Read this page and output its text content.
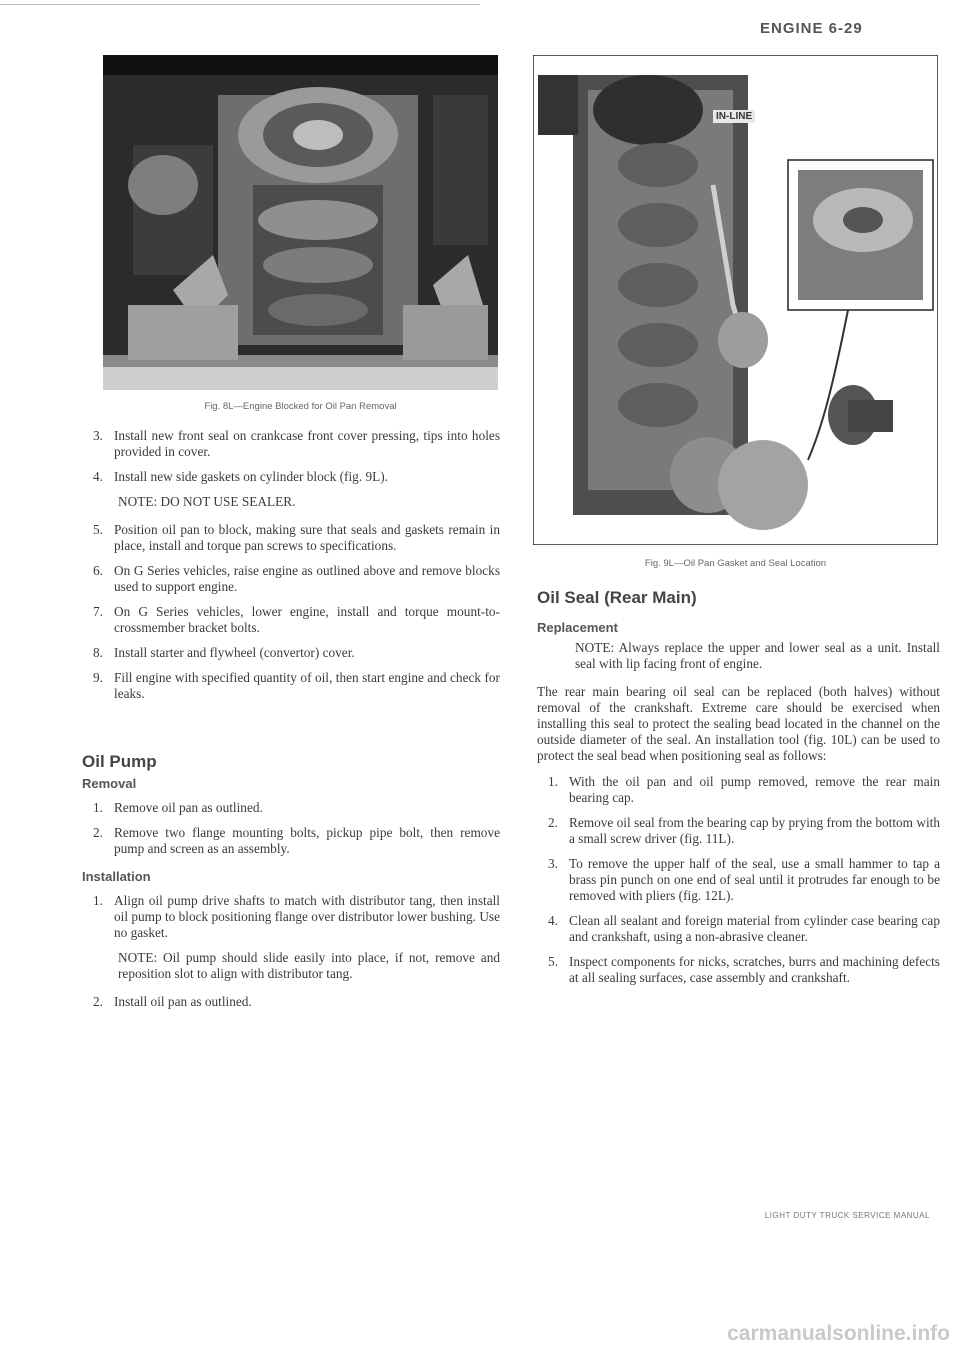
ENGINE 6-29
Fig. 8L—Engine Blocked for Oil Pan Removal
IN-LINE
Fig. 9L—Oil Pan Gasket and Seal Location
3. Install new front seal on crankcase front cover pressing, tips into holes provided in cover.
4. Install new side gaskets on cylinder block (fig. 9L).
NOTE: DO NOT USE SEALER.
5. Position oil pan to block, making sure that seals and gaskets remain in place, install and torque pan screws to specifications.
6. On G Series vehicles, raise engine as outlined above and remove blocks used to support engine.
7. On G Series vehicles, lower engine, install and torque mount-to-crossmember bracket bolts.
8. Install starter and flywheel (convertor) cover.
9. Fill engine with specified quantity of oil, then start engine and check for leaks.
Oil Pump
Removal
1. Remove oil pan as outlined.
2. Remove two flange mounting bolts, pickup pipe bolt, then remove pump and screen as an assembly.
Installation
1. Align oil pump drive shafts to match with distributor tang, then install oil pump to block positioning flange over distributor lower bushing. Use no gasket.
NOTE: Oil pump should slide easily into place, if not, remove and reposition slot to align with distributor tang.
2. Install oil pan as outlined.
Oil Seal (Rear Main)
Replacement
NOTE: Always replace the upper and lower seal as a unit. Install seal with lip facing front of engine.
The rear main bearing oil seal can be replaced (both halves) without removal of the crankshaft. Extreme care should be exercised when installing this seal to protect the sealing bead located in the channel on the outside diameter of the seal. An installation tool (fig. 10L) can be used to protect the seal bead when positioning seal as follows:
1. With the oil pan and oil pump removed, remove the rear main bearing cap.
2. Remove oil seal from the bearing cap by prying from the bottom with a small screw driver (fig. 11L).
3. To remove the upper half of the seal, use a small hammer to tap a brass pin punch on one end of seal until it protrudes far enough to be removed with pliers (fig. 12L).
4. Clean all sealant and foreign material from cylinder case bearing cap and crankshaft, using a non-abrasive cleaner.
5. Inspect components for nicks, scratches, burrs and machining defects at all sealing surfaces, case assembly and crankshaft.
LIGHT DUTY TRUCK SERVICE MANUAL
carmanualsonline.info
